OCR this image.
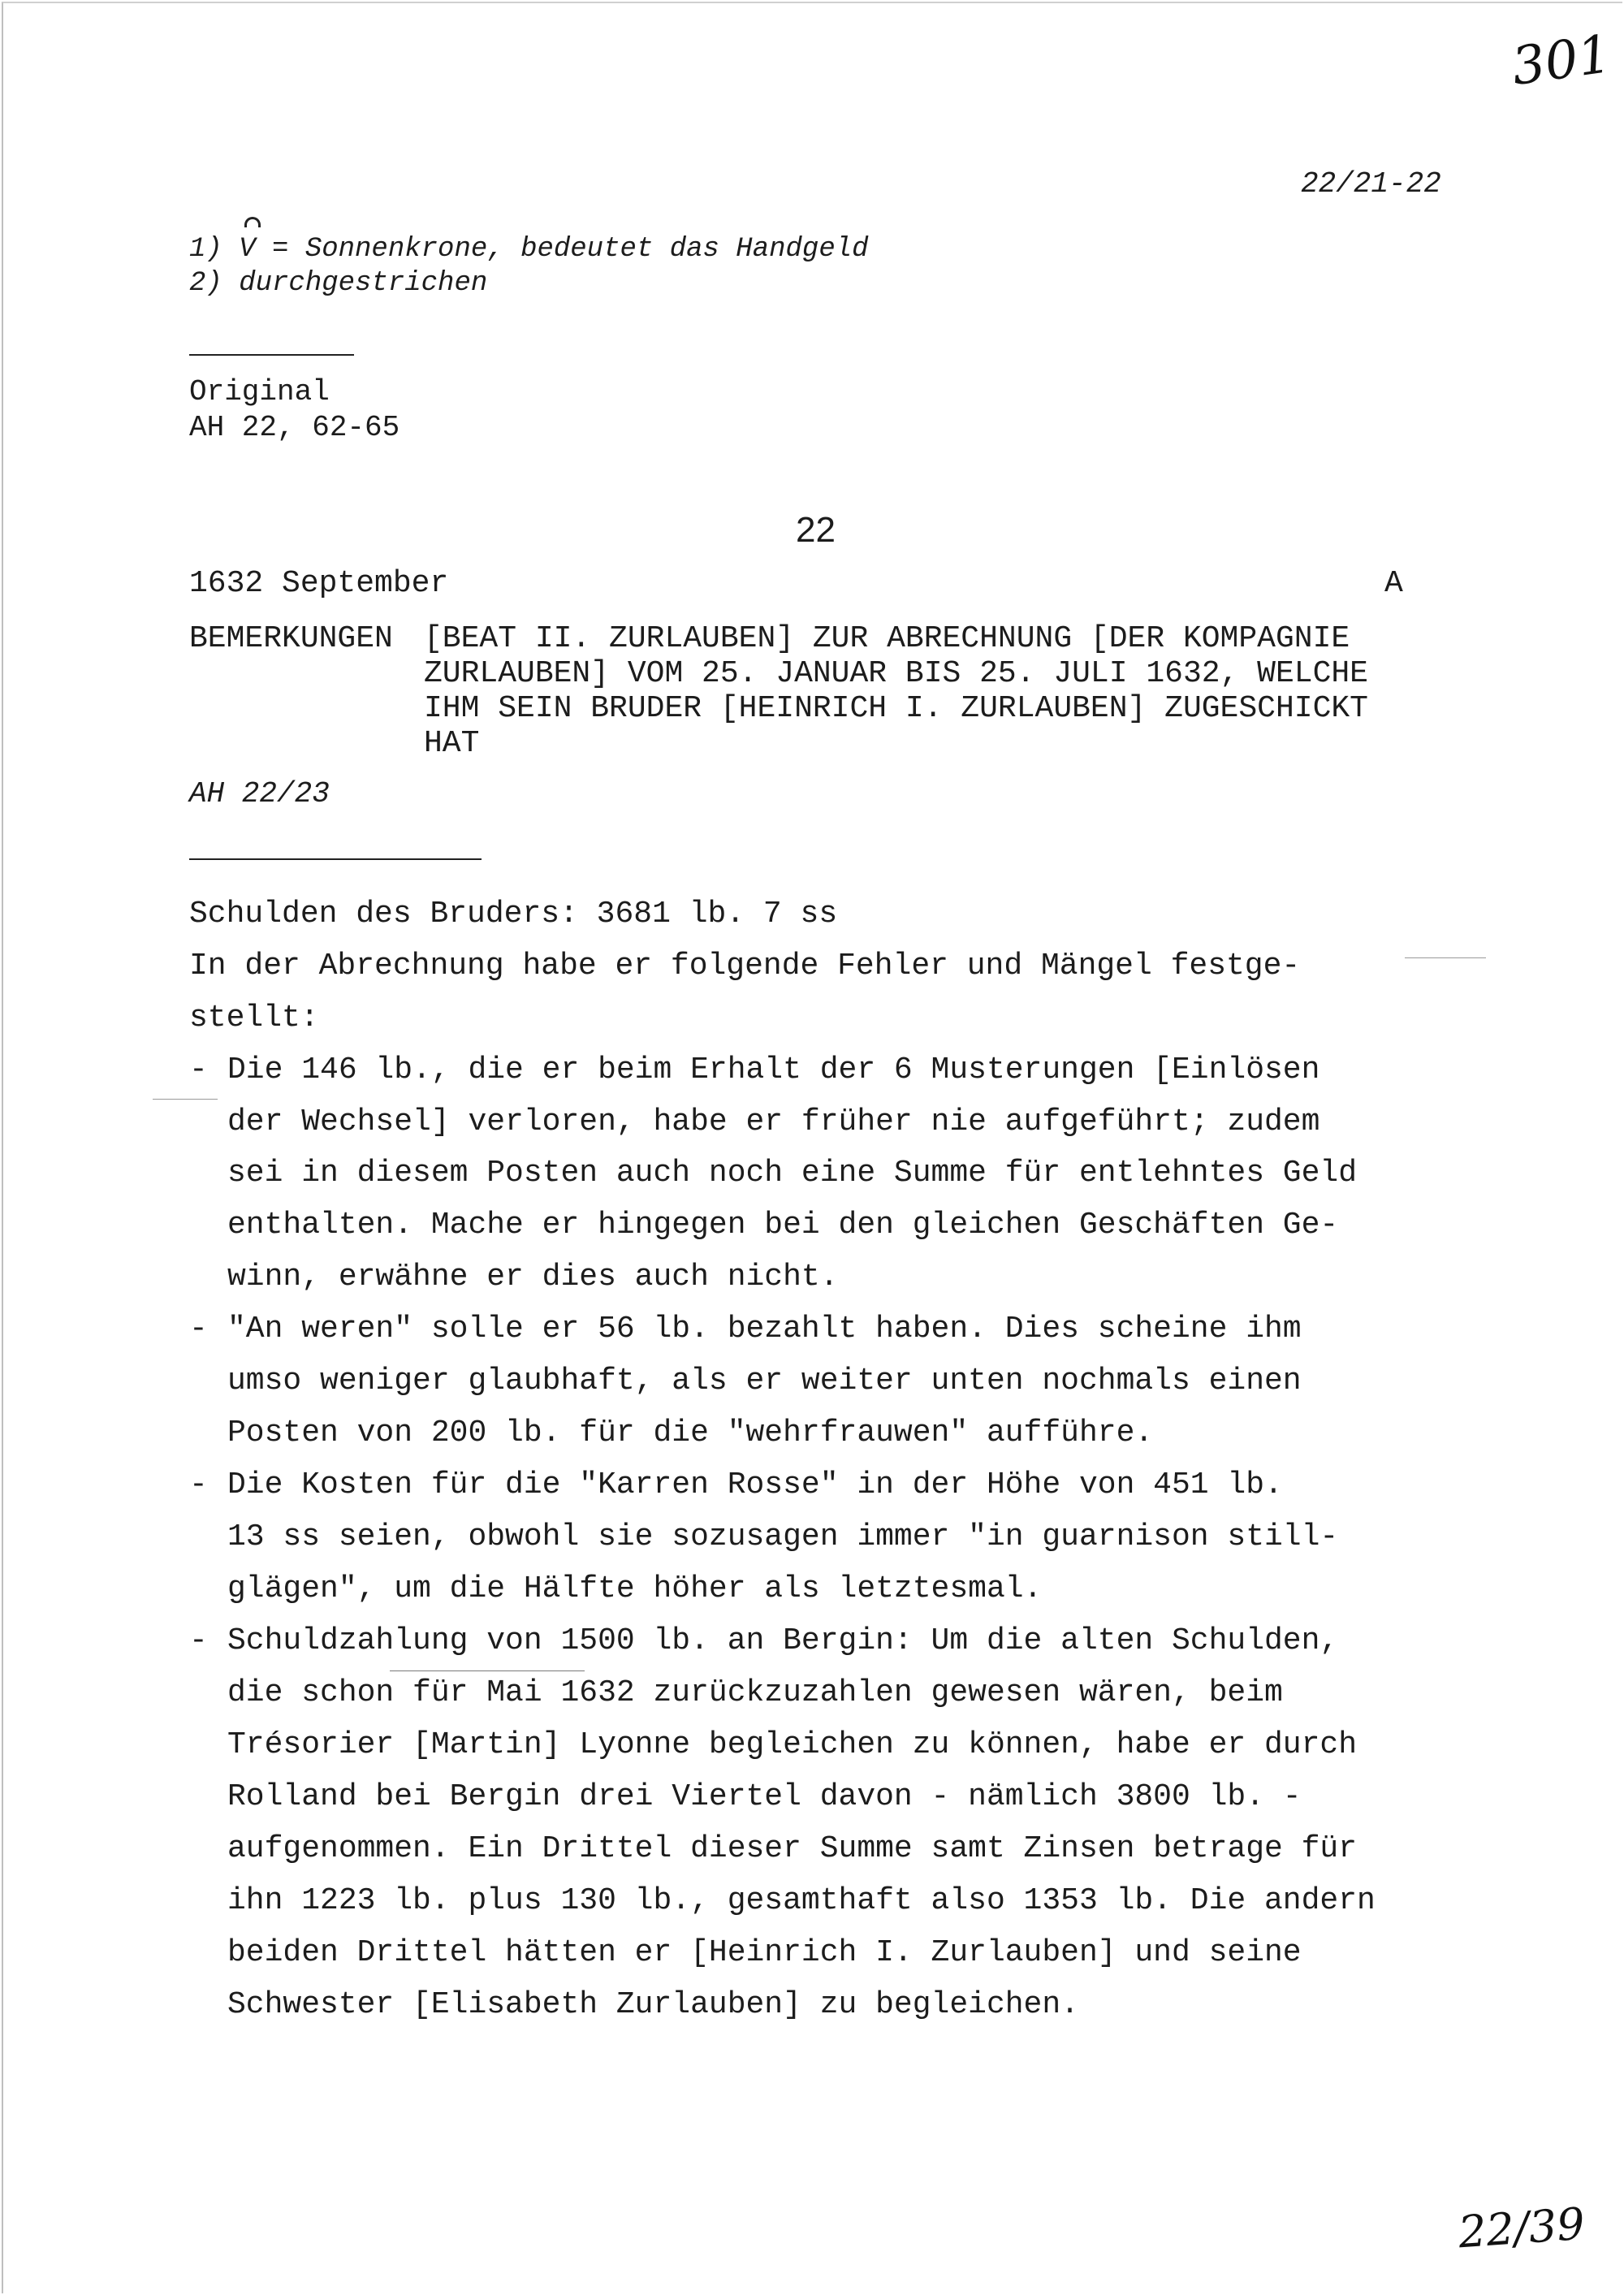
301
22/21-22
1) V = Sonnenkrone, bedeutet das Handgeld
2) durchgestrichen
Original
AH 22, 62-65
22
1632 September	A
BEMERKUNGEN [BEAT II. ZURLAUBEN] ZUR ABRECHNUNG [DER KOMPAGNIE
ZURLAUBEN] VOM 25. JANUAR BIS 25. JULI 1632, WELCHE
IHM SEIN BRUDER [HEINRICH I. ZURLAUBEN] ZUGESCHICKT
HAT
AH 22/23
Schulden des Bruders: 3681 lb. 7 ss
In der Abrechnung habe er folgende Fehler und Mängel festge-
stellt:
- Die 146 lb., die er beim Erhalt der 6 Musterungen [Einlösen
der Wechsel] verloren, habe er früher nie aufgeführt; zudem
sei in diesem Posten auch noch eine Summe für entlehntes Geld
enthalten. Mache er hingegen bei den gleichen Geschäften Ge-
winn, erwähne er dies auch nicht.
- "An weren" solle er 56 lb. bezahlt haben. Dies scheine ihm
umso weniger glaubhaft, als er weiter unten nochmals einen
Posten von 200 lb. für die "wehrfrauwen" aufführe.
- Die Kosten für die "Karren Rosse" in der Höhe von 451 lb.
13 ss seien, obwohl sie sozusagen immer "in guarnison still-
glägen", um die Hälfte höher als letztesmal.
- Schuldzahlung von 1500 lb. an Bergin: Um die alten Schulden,
die schon für Mai 1632 zurückzuzahlen gewesen wären, beim
Trésorier [Martin] Lyonne begleichen zu können, habe er durch
Rolland bei Bergin drei Viertel davon - nämlich 3800 lb. -
aufgenommen. Ein Drittel dieser Summe samt Zinsen betrage für
ihn 1223 lb. plus 130 lb., gesamthaft also 1353 lb. Die andern
beiden Drittel hätten er [Heinrich I. Zurlauben] und seine
Schwester [Elisabeth Zurlauben] zu begleichen.
22/39
